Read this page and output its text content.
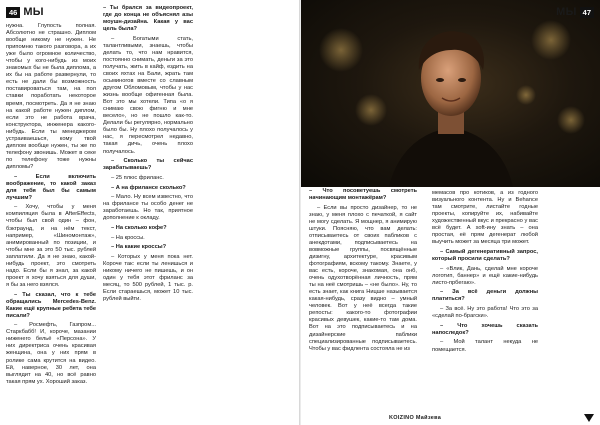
46 МЫ

нужна. Глупость полная. Абсолютно не страшно. Диплом вообще никому не нужен. Не припомню такого разговора, а их уже было огромное количество, чтобы у кого-нибудь из моих знакомых бы не была диплома, а их бы на работе развернули, то есть не дали бы возможность поставироваться там, на пол ставки поработать некоторое время, посмотреть. Да я не знаю на какой работе нужен диплом, если это не работа врача, конструктора, инженера какого-нибудь. Если ты менеджером устраиваешься, кому твой диплом вообще нужен, ты же по телефону звонишь. Может в секе по телефону тоже нужны дипломы?

– Если включить воображение, то какой заказ для тебя был бы самым лучшим?

– Хочу, чтобы у меня компиляция была в AfterEffects, чтобы был свой один – фон, бэкграунд, и на нём текст, например, «Шиномонтаж», анимированный по позиции, и чтобы мне за это 50 тыс. рублей заплатили. Да я не знаю, какой-нибудь проект, это смотреть надо. Если бы я знал, за какой проект я хочу взяться для души, я бы за него взялся.

– Ты сказал, что к тебе обращались Mercedes-Benz. Какие ещё крупные ребята тебе писали?

– Росмефть, Газпром... Старкбабб! И, короче, мазании ниженего бельё «Персона». У них директриса очень красивая женщина, она у них прям в ролике сама крутится на видео. Ей, наверное, 30 лет, она выглядит на 40, но всё равно такая прям ух. Хороший заказ.

– Ты брался за видеопроект, где до конца не объяснял азы моушн-дизайна. Какая у вас цель была?

– Богатыми стать, талантливыми, знаешь, чтобы делать то, что нам нравится, постоянно снимать, деньги за это получать, жить в кайф, ездить на своих яхтах на Бали, жрать там осьминогов вместе со славным другом Обломовым, чтобы у нас жизнь вообще офигенная была. Вот это мы хотели. Типа «о я снимаю свою фигню и мне весело», но не пошло как-то. Делали бы регулярно, нормально было бы. Ну плохо получалось у нас, я пересмотрел недавно, такая дичь, очень плохо получалось.

– Сколько ты сейчас зарабатываешь?

– 25 плюс фриланс.

– А на фрилансе сколько?

– Мало. Ну всем известно, что на фрилансе ты особо денег не заработаешь. Но так, приятное дополнение к окладу.

– На сколько кофе?

– На кроссы.

– На какие кроссы?

– Которых у меня пока нет. Короче так: если ты ленишься и никому ничего не пишешь, и он один у тебя этот фриланс за месяц, то 500 рублей, 1 тыс. р. Если стараешься, может 10 тыс. рублей выйти.

МЫ 47

– Что посоветуешь смотреть начинающим монтажёрам?

– Если вы просто дизайнер, то не знаю, у меня плохо с печаткой, я сайт не могу сделать. Я мощнер, я анимирую штуки. Поясняю, что вам делать: отписываетесь от своих пабликов с анекдотами, подписываетесь на вовможные группы, посвящённые дизигну, архитектуре, красивым фотографиям, вскому такому. Знаете, у вас есть, короче, знакомая, она онб, очень одухотворённая личность, прям ты на неё смотришь – «не было». Ну, то есть знает, как книга Ницше называется какая-нибудь, сразу видно – умный человек. Вот у неё всегда такие репосты: какого-то фотографии красивых девушек, какие-то там дома. Вот на это подписываетесь и на дизайнерские паблики специализированные подписываетесь. Чтобы у вас фидлента состояла не из

мемасов про котиков, а из годного визуального контента. Ну и Behance там смотрите, листайте годные проекты, копируйте их, набивайте художественный вкус и прекрасно у вас всё будет. А soft-ину знать – она простая, её прям дегенерат любой выучить может за месяца три может.

– Самый дегенеративный запрос, который просили сделать?

– «Влик, Дань, сделай мне короче логотип, баннер» и ещё какие-нибудь листо-прбегаю».

– За всё деньги должны платиться?

– За всё. Ну это работа! Что это за «сделай по-брагски».

– Что хочешь сказать напоследок?

– Мой талант некуда не помещается.

KOIZINO Майзева
